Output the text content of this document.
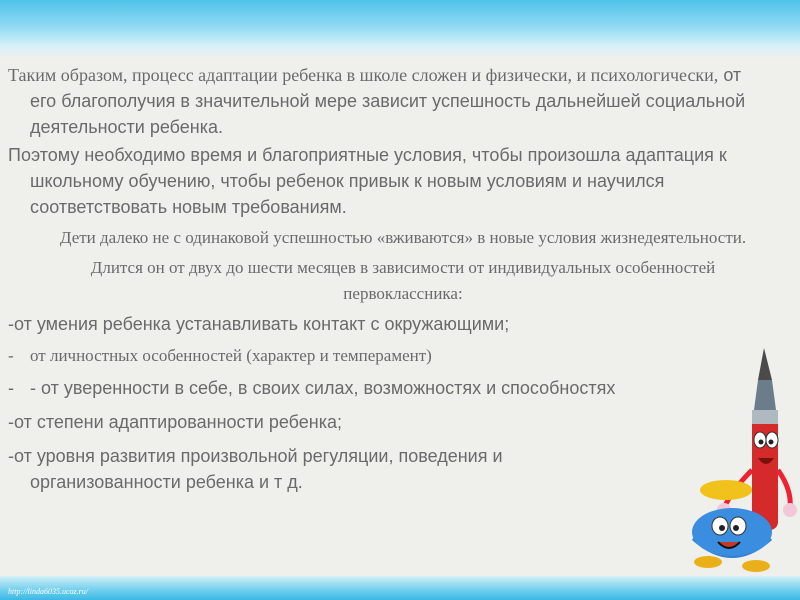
Таким образом, процесс адаптации ребенка в школе сложен и физически, и психологически, от его благополучия в значительной мере зависит успешность дальнейшей социальной деятельности ребенка.

Поэтому необходимо время и благоприятные условия, чтобы произошла адаптация к школьному обучению, чтобы ребенок привык к новым условиям и научился соответствовать новым требованиям.

Дети далеко не с одинаковой успешностью «вживаются» в новые условия жизнедеятельности.

Длится он от двух до шести месяцев в зависимости от индивидуальных особенностей первоклассника:

-от умения ребенка устанавливать контакт с окружающими;

- от личностных особенностей (характер и темперамент)

- - от уверенности в себе, в своих силах, возможностях и способностях

-от степени адаптированности ребенка;

-от уровня развития произвольной регуляции, поведения и организованности ребенка и т д.

http://linda6035.ucoz.ru/
